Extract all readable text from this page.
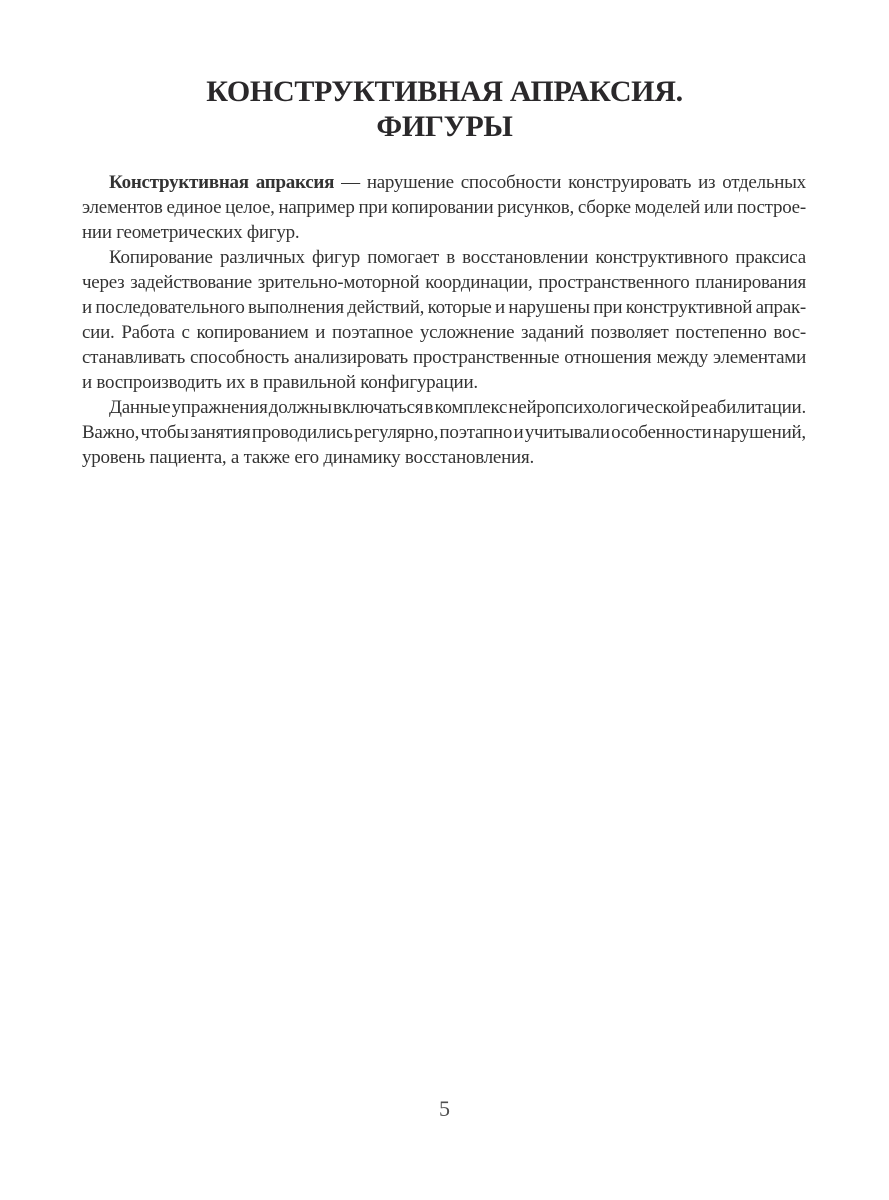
КОНСТРУКТИВНАЯ АПРАКСИЯ.
ФИГУРЫ
Конструктивная апраксия — нарушение способности конструировать из отдельных
элементов единое целое, например при копировании рисунков, сборке моделей или построе-
нии геометрических фигур.
Копирование различных фигур помогает в восстановлении конструктивного праксиса
через задействование зрительно-моторной координации, пространственного планирования
и последовательного выполнения действий, которые и нарушены при конструктивной апрак-
сии. Работа с копированием и поэтапное усложнение заданий позволяет постепенно вос-
станавливать способность анализировать пространственные отношения между элементами
и воспроизводить их в правильной конфигурации.
Данные упражнения должны включаться в комплекс нейропсихологической реабилитации.
Важно, чтобы занятия проводились регулярно, поэтапно и учитывали особенности нарушений,
уровень пациента, а также его динамику восстановления.
5
